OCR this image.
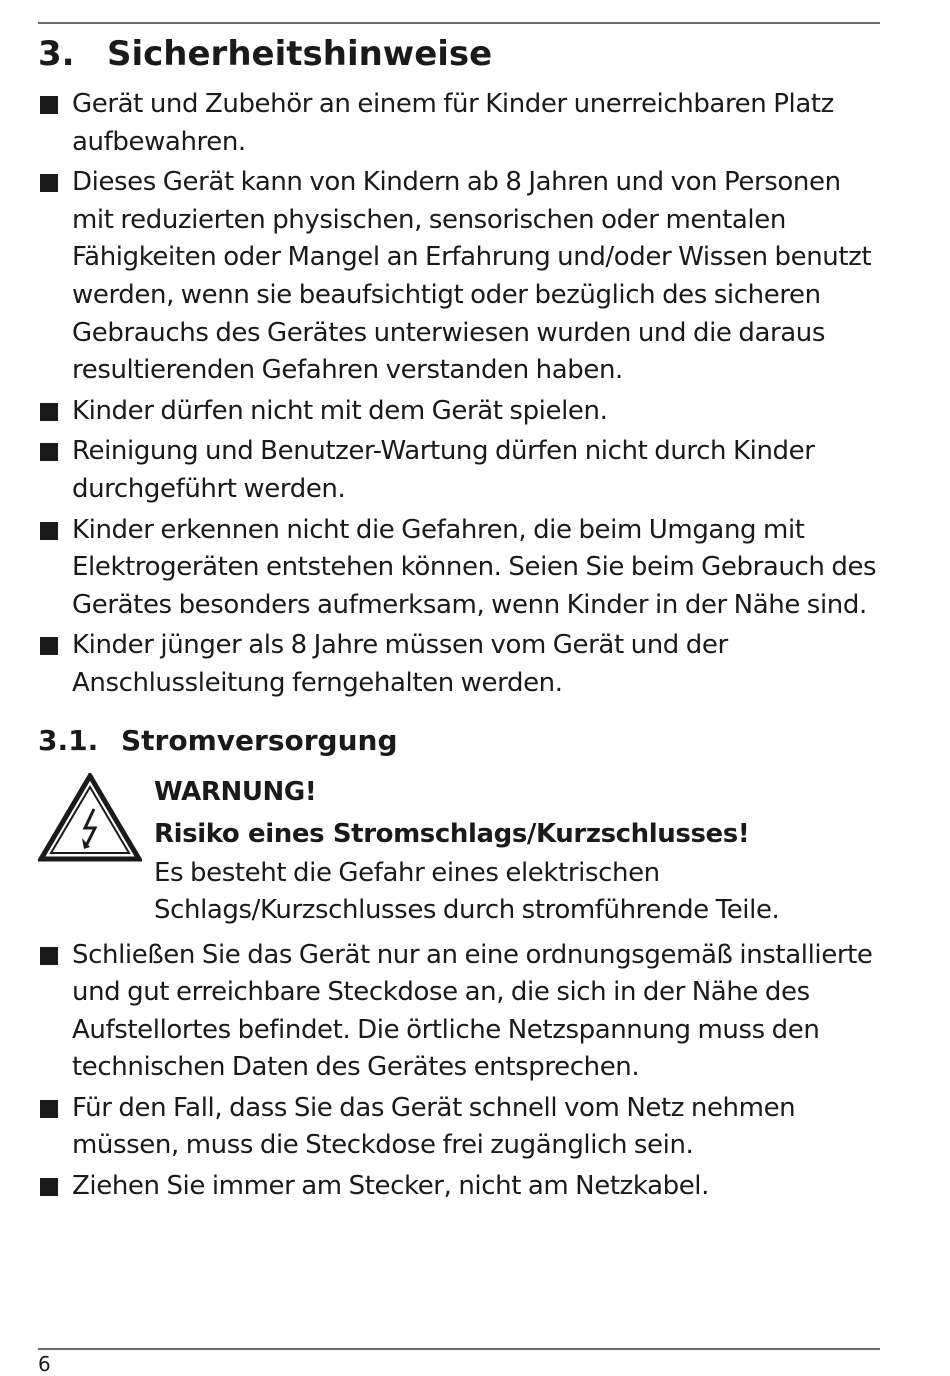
3. Sicherheitshinweise
Gerät und Zubehör an einem für Kinder unerreichbaren Platz aufbewahren.
Dieses Gerät kann von Kindern ab 8 Jahren und von Personen mit reduzierten physischen, sensorischen oder mentalen Fähigkeiten oder Mangel an Erfahrung und/oder Wissen benutzt werden, wenn sie beaufsichtigt oder bezüglich des sicheren Gebrauchs des Gerätes unterwiesen wurden und die daraus resultierenden Gefahren verstanden haben.
Kinder dürfen nicht mit dem Gerät spielen.
Reinigung und Benutzer-Wartung dürfen nicht durch Kinder durchgeführt werden.
Kinder erkennen nicht die Gefahren, die beim Umgang mit Elektrogeräten entstehen können. Seien Sie beim Gebrauch des Gerätes besonders aufmerksam, wenn Kinder in der Nähe sind.
Kinder jünger als 8 Jahre müssen vom Gerät und der Anschlussleitung ferngehalten werden.
3.1. Stromversorgung
WARNUNG!
Risiko eines Stromschlags/Kurzschlusses!
Es besteht die Gefahr eines elektrischen Schlags/Kurzschlusses durch stromführende Teile.
Schließen Sie das Gerät nur an eine ordnungsgemäß installierte und gut erreichbare Steckdose an, die sich in der Nähe des Aufstellortes befindet. Die örtliche Netzspannung muss den technischen Daten des Gerätes entsprechen.
Für den Fall, dass Sie das Gerät schnell vom Netz nehmen müssen, muss die Steckdose frei zugänglich sein.
Ziehen Sie immer am Stecker, nicht am Netzkabel.
6
